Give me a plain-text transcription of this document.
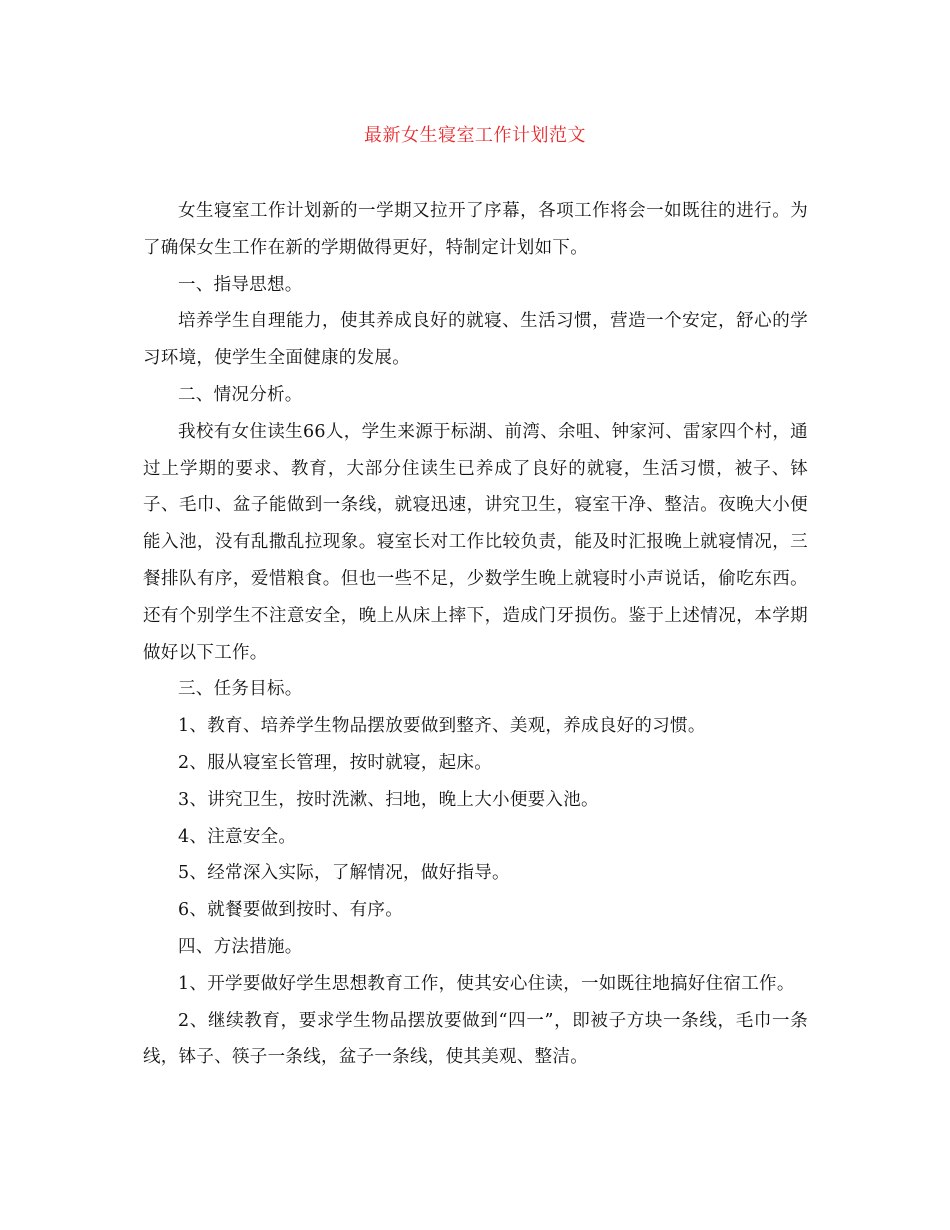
最新女生寝室工作计划范文

女生寝室工作计划新的一学期又拉开了序幕，各项工作将会一如既往的进行。为了确保女生工作在新的学期做得更好，特制定计划如下。

一、指导思想。

培养学生自理能力，使其养成良好的就寝、生活习惯，营造一个安定，舒心的学习环境，使学生全面健康的发展。

二、情况分析。

我校有女住读生66人，学生来源于标湖、前湾、余咀、钟家河、雷家四个村，通过上学期的要求、教育，大部分住读生已养成了良好的就寝，生活习惯，被子、钵子、毛巾、盆子能做到一条线，就寝迅速，讲究卫生，寝室干净、整洁。夜晚大小便能入池，没有乱撒乱拉现象。寝室长对工作比较负责，能及时汇报晚上就寝情况，三餐排队有序，爱惜粮食。但也一些不足，少数学生晚上就寝时小声说话，偷吃东西。还有个别学生不注意安全，晚上从床上摔下，造成门牙损伤。鉴于上述情况，本学期做好以下工作。

三、任务目标。

1、教育、培养学生物品摆放要做到整齐、美观，养成良好的习惯。

2、服从寝室长管理，按时就寝，起床。

3、讲究卫生，按时洗漱、扫地，晚上大小便要入池。

4、注意安全。

5、经常深入实际，了解情况，做好指导。

6、就餐要做到按时、有序。

四、方法措施。

1、开学要做好学生思想教育工作，使其安心住读，一如既往地搞好住宿工作。

2、继续教育，要求学生物品摆放要做到“四一”，即被子方块一条线，毛巾一条线，钵子、筷子一条线，盆子一条线，使其美观、整洁。
